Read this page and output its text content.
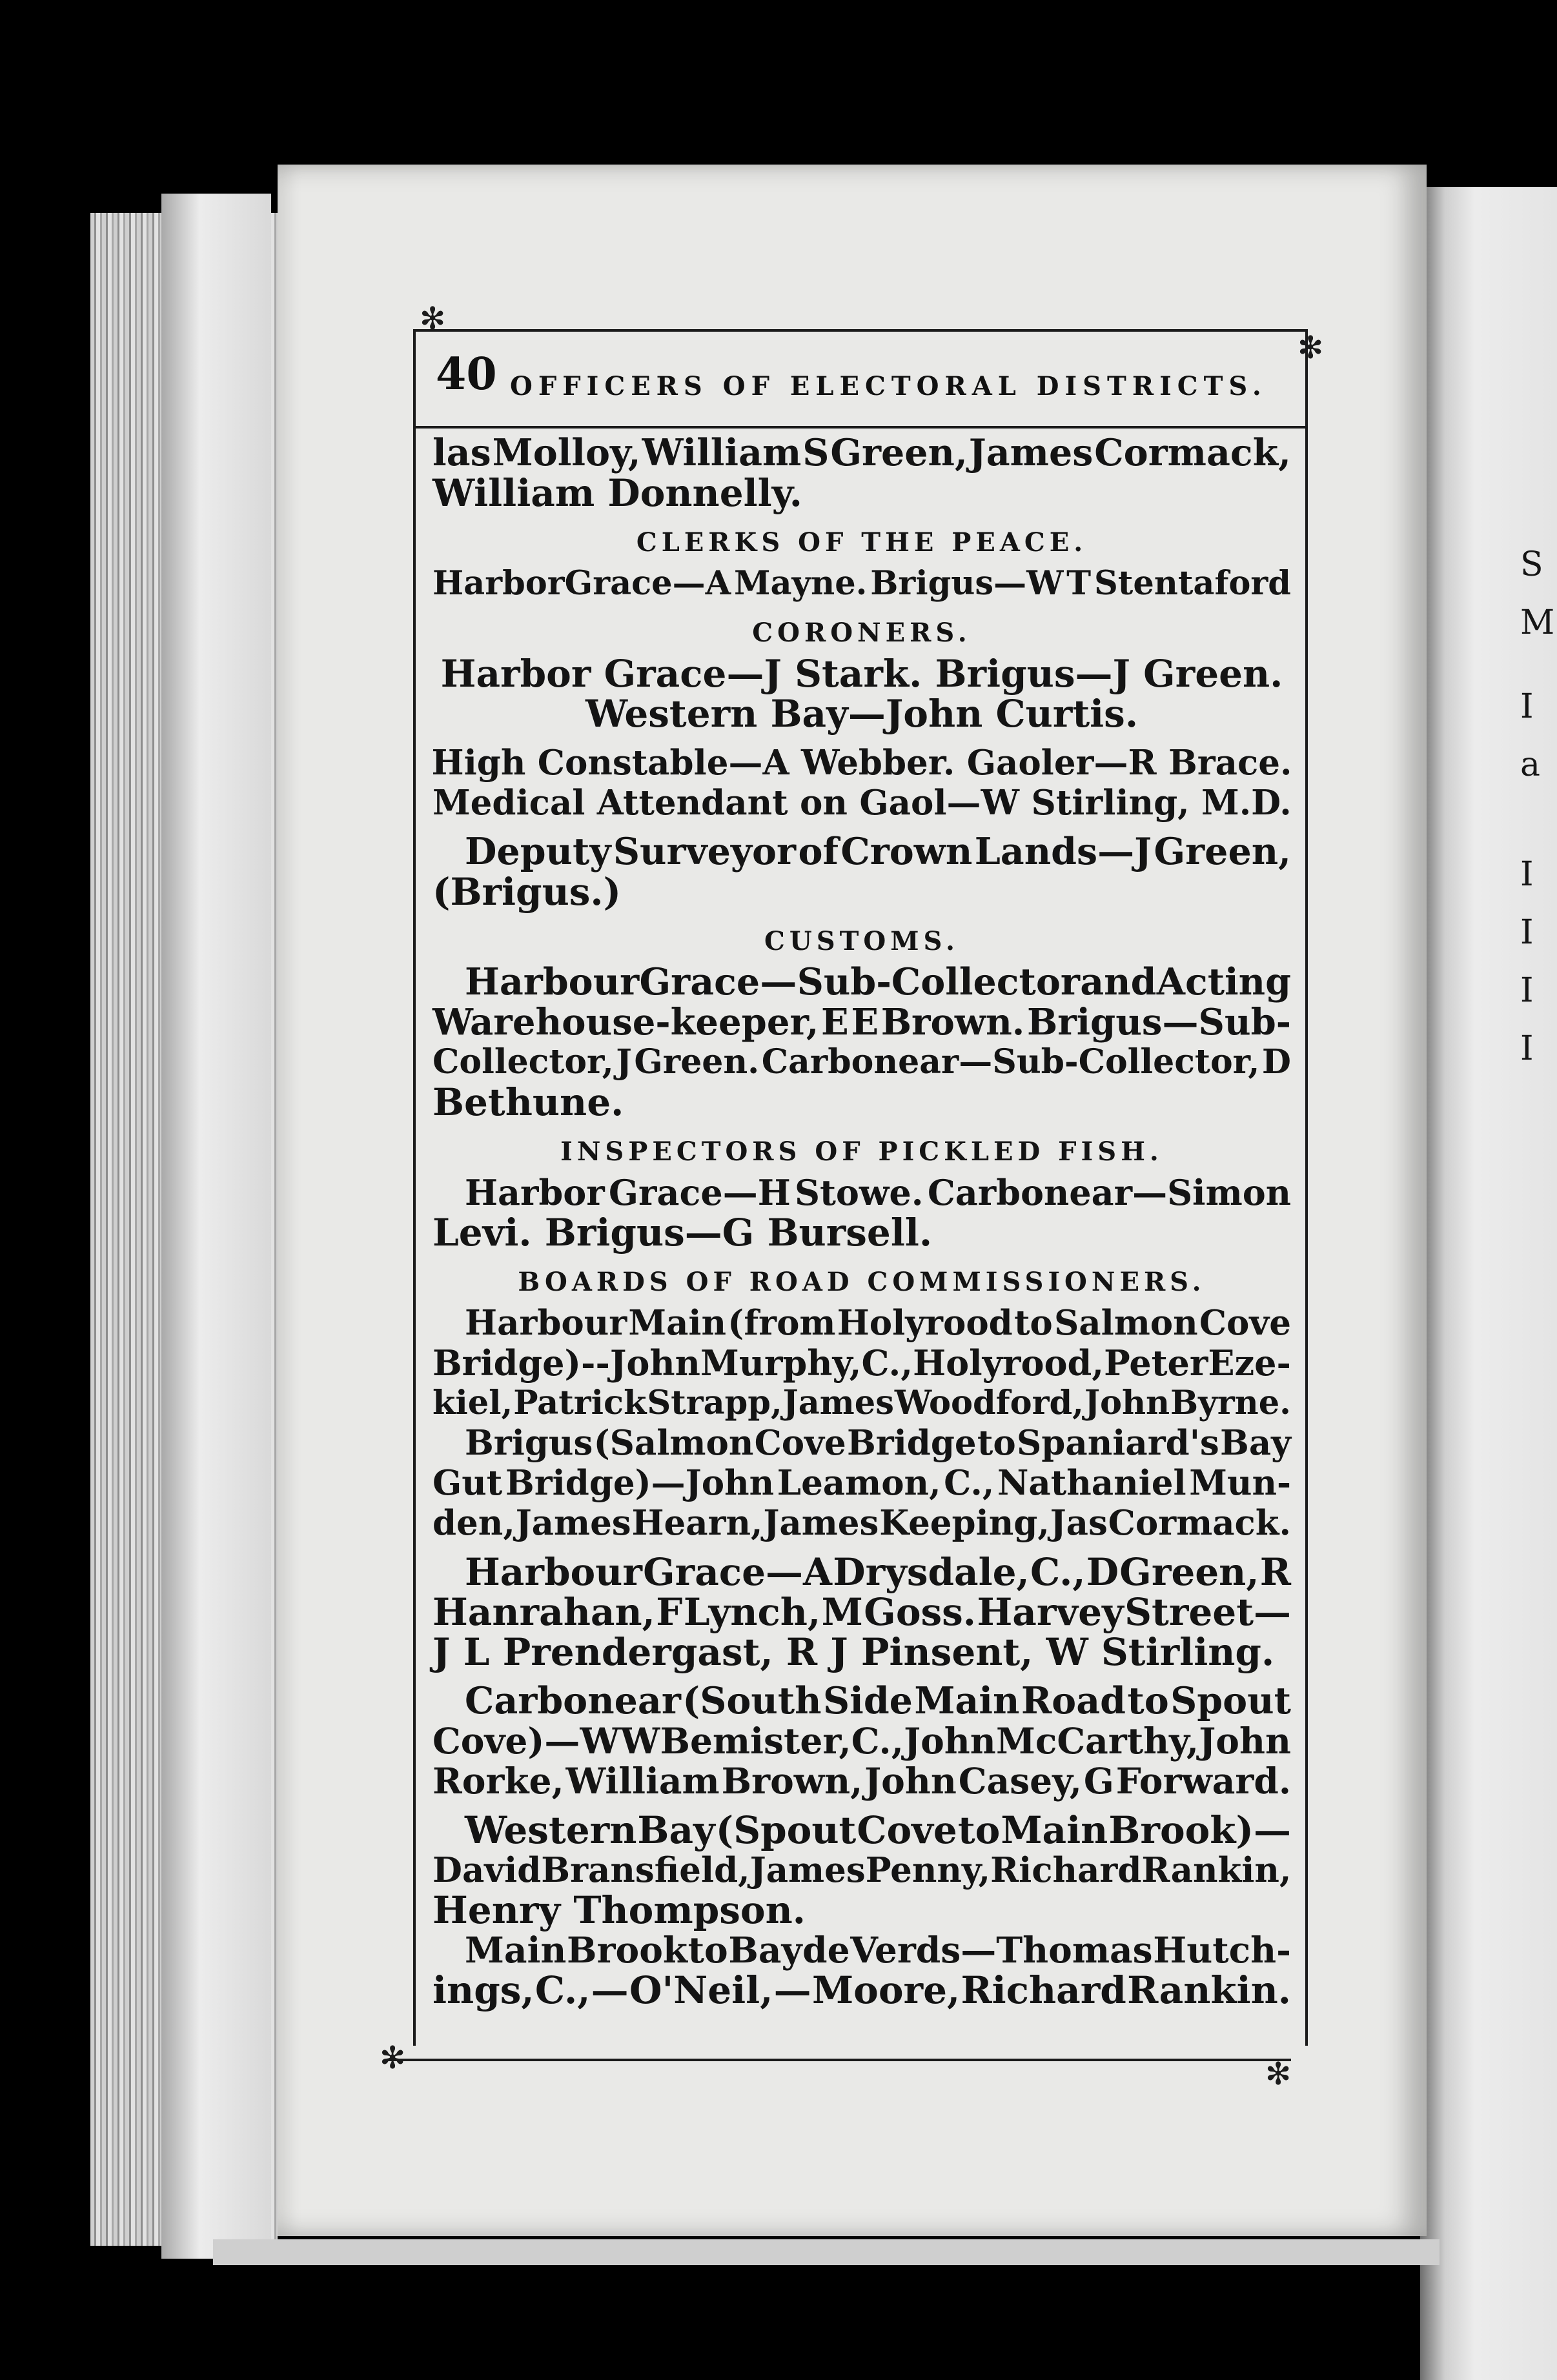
S
M
I
a
I
I
I
I
✻
✻
✻	✻
40 OFFICERS OF ELECTORAL DISTRICTS.
las Molloy, William S Green, James Cormack,
William Donnelly.
CLERKS OF THE PEACE.
HarborGrace—A Mayne. Brigus—W T Stentaford
CORONERS.
Harbor Grace—J Stark. Brigus—J Green.
Western Bay—John Curtis.
High Constable—A Webber. Gaoler—R Brace.
Medical Attendant on Gaol—W Stirling, M.D.
Deputy Surveyor of Crown Lands—J Green,
(Brigus.)
CUSTOMS.
Harbour Grace — Sub-Collector and Acting
Warehouse-keeper, E E Brown. Brigus—Sub-
Collector, J Green. Carbonear—Sub-Collector, D
Bethune.
INSPECTORS OF PICKLED FISH.
Harbor Grace—H Stowe. Carbonear—Simon
Levi. Brigus—G Bursell.
BOARDS OF ROAD COMMISSIONERS.
Harbour Main (from Holyrood to Salmon Cove
Bridge)--John Murphy, C., Holyrood, Peter Eze-
kiel, Patrick Strapp, James Woodford, John Byrne.
Brigus (Salmon Cove Bridge to Spaniard's Bay
Gut Bridge)—John Leamon, C., Nathaniel Mun-
den, James Hearn, James Keeping, Jas Cormack.
Harbour Grace—A Drysdale, C., D Green, R
Hanrahan, F Lynch, M Goss. Harvey Street—
J L Prendergast, R J Pinsent, W Stirling.
Carbonear (South Side Main Road to Spout
Cove)—W W Bemister, C., John McCarthy, John
Rorke, William Brown, John Casey, G Forward.
Western Bay (Spout Cove to Main Brook)—
David Bransfield, James Penny, Richard Rankin,
Henry Thompson.
Main Brook to Bay de Verds—Thomas Hutch-
ings, C., — O'Neil, — Moore, Richard Rankin.
